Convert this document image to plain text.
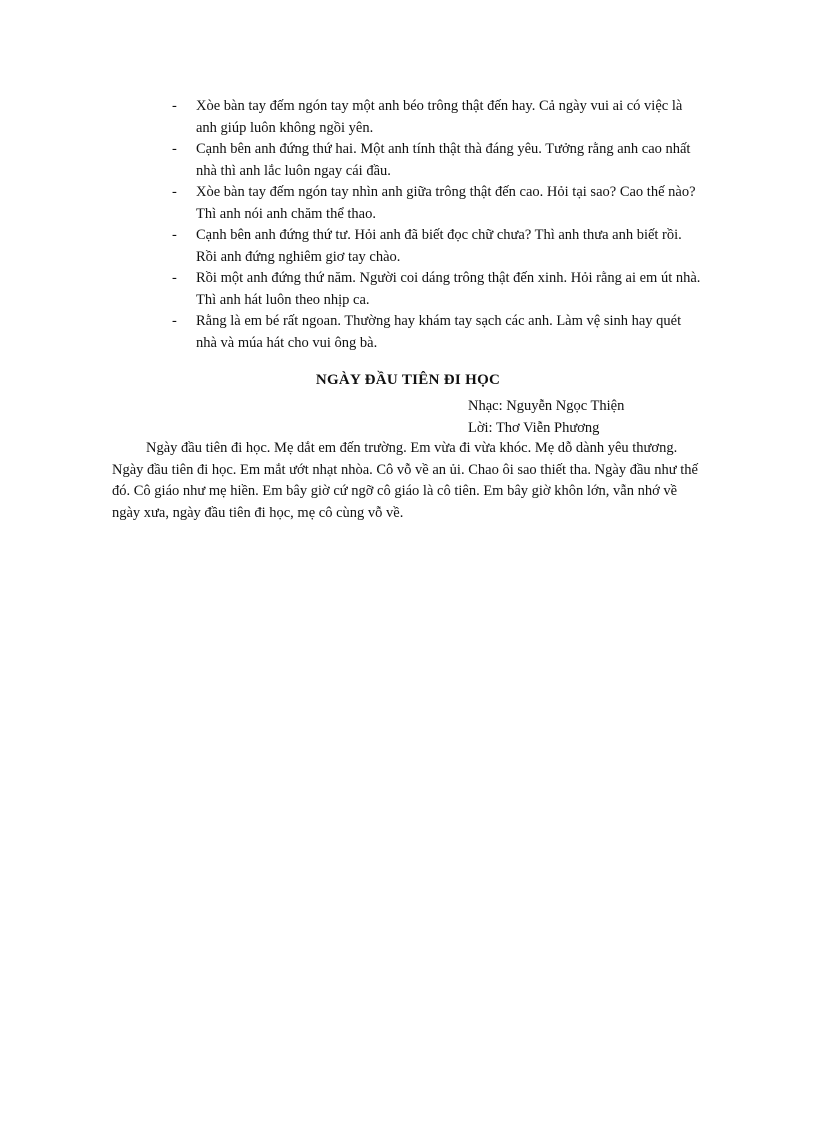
- Xòe bàn tay đếm ngón tay một anh béo trông thật đến hay. Cả ngày vui ai có việc là anh giúp luôn không ngồi yên.
- Cạnh bên anh đứng thứ hai. Một anh tính thật thà đáng yêu. Tưởng rằng anh cao nhất nhà thì anh lắc luôn ngay cái đầu.
- Xòe bàn tay đếm ngón tay nhìn anh giữa trông thật đến cao. Hỏi tại sao? Cao thế nào? Thì anh nói anh chăm thể thao.
- Cạnh bên anh đứng thứ tư. Hỏi anh đã biết đọc chữ chưa? Thì anh thưa anh biết rồi. Rồi anh đứng nghiêm giơ tay chào.
- Rồi một anh đứng thứ năm. Người coi dáng trông thật đến xinh. Hỏi rằng ai em út nhà. Thì anh hát luôn theo nhịp ca.
- Rằng là em bé rất ngoan. Thường hay khám tay sạch các anh. Làm vệ sinh hay quét nhà và múa hát cho vui ông bà.
NGÀY ĐẦU TIÊN ĐI HỌC

Nhạc: Nguyễn Ngọc Thiện

Lời: Thơ Viễn Phương

Ngày đầu tiên đi học. Mẹ dắt em đến trường. Em vừa đi vừa khóc. Mẹ dỗ dành yêu thương. Ngày đầu tiên đi học. Em mắt ướt nhạt nhòa. Cô vỗ về an ủi. Chao ôi sao thiết tha. Ngày đầu như thế đó. Cô giáo như mẹ hiền. Em bây giờ cứ ngỡ cô giáo là cô tiên. Em bây giờ khôn lớn, vẫn nhớ về ngày xưa, ngày đầu tiên đi học, mẹ cô cùng vỗ về.
